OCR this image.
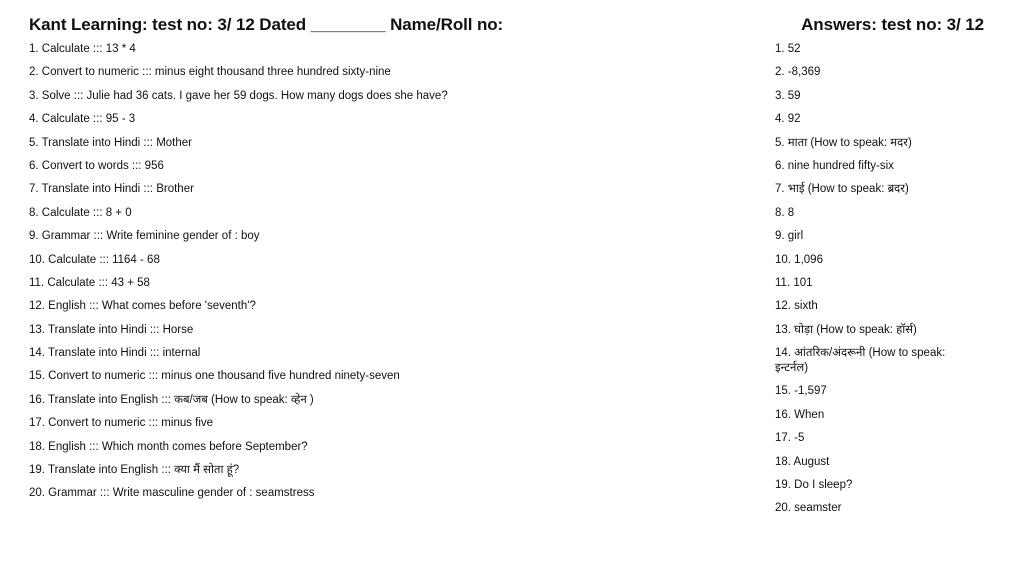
Kant Learning: test no: 3/ 12 Dated ________ Name/Roll no:	Answers: test no: 3/ 12
1. Calculate ::: 13 * 4
2. Convert to numeric ::: minus eight thousand three hundred sixty-nine
3. Solve ::: Julie had 36 cats. I gave her 59 dogs. How many dogs does she have?
4. Calculate ::: 95 - 3
5. Translate into Hindi ::: Mother
6. Convert to words ::: 956
7. Translate into Hindi ::: Brother
8. Calculate ::: 8 + 0
9. Grammar ::: Write feminine gender of : boy
10. Calculate ::: 1164 - 68
11. Calculate ::: 43 + 58
12. English ::: What comes before 'seventh'?
13. Translate into Hindi ::: Horse
14. Translate into Hindi ::: internal
15. Convert to numeric ::: minus one thousand five hundred ninety-seven
16. Translate into English ::: कब/जब (How to speak: व्हेन )
17. Convert to numeric ::: minus five
18. English ::: Which month comes before September?
19. Translate into English ::: क्या मैं सोता हूं?
20. Grammar ::: Write masculine gender of : seamstress
1. 52
2. -8,369
3. 59
4. 92
5. माता (How to speak: मदर)
6. nine hundred fifty-six
7. भाई (How to speak: ब्रदर)
8. 8
9. girl
10. 1,096
11. 101
12. sixth
13. घोड़ा (How to speak: हॉर्स)
14. आंतरिक/अंदरूनी (How to speak: इन्टर्नल)
15. -1,597
16. When
17. -5
18. August
19. Do I sleep?
20. seamster
